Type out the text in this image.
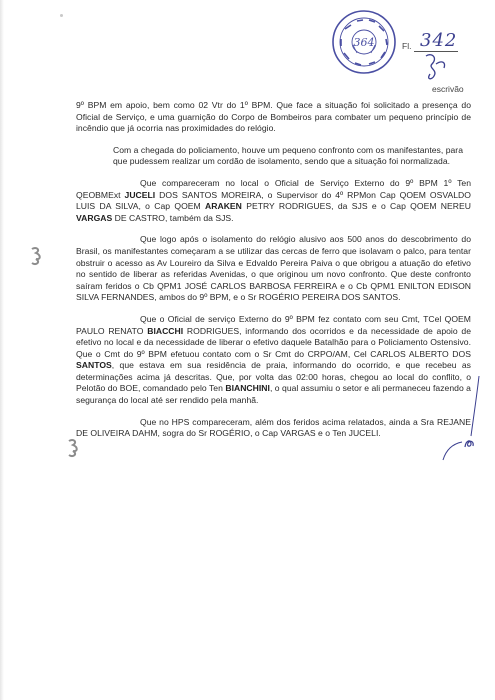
364	Fl. 342
escrivão

9º BPM em apoio, bem como 02 Vtr do 1º BPM. Que face a situação foi solicitado a presença do Oficial de Serviço, e uma guarnição do Corpo de Bombeiros para combater um pequeno princípio de incêndio que já ocorria nas proximidades do relógio.

Com a chegada do policiamento, houve um pequeno confronto com os manifestantes, para que pudessem realizar um cordão de isolamento, sendo que a situação foi normalizada.

Que compareceram no local o Oficial de Serviço Externo do 9º BPM 1º Ten QEOBMExt JUCELI DOS SANTOS MOREIRA, o Supervisor do 4º RPMon Cap QOEM OSVALDO LUIS DA SILVA, o Cap QOEM ARAKEN PETRY RODRIGUES, da SJS e o Cap QOEM NEREU VARGAS DE CASTRO, também da SJS.

Que logo após o isolamento do relógio alusivo aos 500 anos do descobrimento do Brasil, os manifestantes começaram a se utilizar das cercas de ferro que isolavam o palco, para tentar obstruir o acesso as Av Loureiro da Silva e Edvaldo Pereira Paiva o que obrigou a atuação do efetivo no sentido de liberar as referidas Avenidas, o que originou um novo confronto. Que deste confronto saíram feridos o Cb QPM1 JOSÉ CARLOS BARBOSA FERREIRA e o Cb QPM1 ENILTON EDISON SILVA FERNANDES, ambos do 9º BPM, e o Sr ROGÉRIO PEREIRA DOS SANTOS.

Que o Oficial de serviço Externo do 9º BPM fez contato com seu Cmt, TCel QOEM PAULO RENATO BIACCHI RODRIGUES, informando dos ocorridos e da necessidade de apoio de efetivo no local e da necessidade de liberar o efetivo daquele Batalhão para o Policiamento Ostensivo. Que o Cmt do 9º BPM efetuou contato com o Sr Cmt do CRPO/AM, Cel CARLOS ALBERTO DOS SANTOS, que estava em sua residência de praia, informando do ocorrido, e que recebeu as determinações acima já descritas. Que, por volta das 02:00 horas, chegou ao local do conflito, o Pelotão do BOE, comandado pelo Ten BIANCHINI, o qual assumiu o setor e ali permaneceu fazendo a segurança do local até ser rendido pela manhã.

Que no HPS compareceram, além dos feridos acima relatados, ainda a Sra REJANE DE OLIVEIRA DAHM, sogra do Sr ROGÉRIO, o Cap VARGAS e o Ten JUCELI.
